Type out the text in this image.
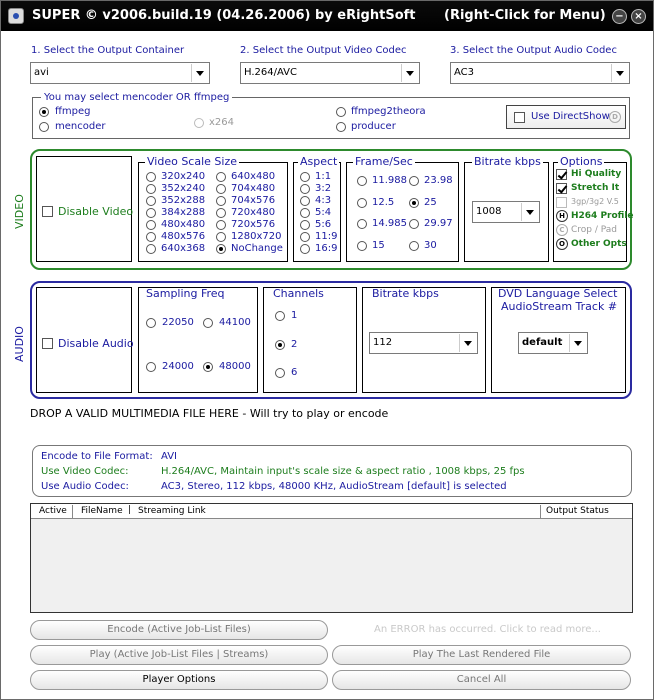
SUPER © v2006.build.19 (04.26.2006) by eRightSoft (Right-Click for Menu) −	×
1. Select the Output Container
avi
2. Select the Output Video Codec
H.264/AVC
3. Select the Output Audio Codec
AC3
You may select mencoder OR ffmpeg
ffmpeg
mencoder	x264
ffmpeg2theora
producer
Use DirectShow D
VIDEO	Disable Video
Video Scale Size
320x240
352x240
352x288
384x288
480x480
480x576
640x368
640x480
704x480
704x576
720x480
720x576
1280x720
NoChange
Aspect
1:1
3:2
4:3
5:4
5:6
11:9
16:9
Frame/Sec
11.988
12.5
14.985
15
23.98
25
29.97
30
Bitrate kbps
1008
Options
Hi Quality
Stretch It
3gp/3g2 V.5
H H264 Profile
C Crop / Pad
O Other Opts
AUDIO	Disable Audio
Sampling Freq
22050	44100
24000	48000
Channels
1
2
6
Bitrate kbps
112
DVD Language Select
AudioStream Track #
default
DROP A VALID MULTIMEDIA FILE HERE - Will try to play or encode
Encode to File Format: AVI
Use Video Codec:	H.264/AVC, Maintain input's scale size & aspect ratio , 1008 kbps, 25 fps
Use Audio Codec:	AC3, Stereo, 112 kbps, 48000 KHz, AudioStream [default] is selected
Active FileName | Streaming Link	Output Status
Encode (Active Job-List Files)	An ERROR has occurred. Click to read more...
Play (Active Job-List Files | Streams)	Play The Last Rendered File
Player Options	Cancel All
